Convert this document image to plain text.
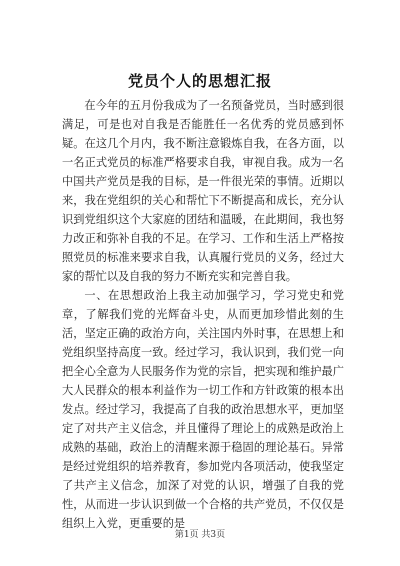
党员个人的思想汇报

在今年的五月份我成为了一名预备党员，当时感到很满足，可是也对自我是否能胜任一名优秀的党员感到怀疑。在这几个月内，我不断注意锻炼自我，在各方面，以一名正式党员的标准严格要求自我，审视自我。成为一名中国共产党员是我的目标，是一件很光荣的事情。近期以来，我在党组织的关心和帮忙下不断提高和成长，充分认识到党组织这个大家庭的团结和温暖，在此期间，我也努力改正和弥补自我的不足。在学习、工作和生活上严格按照党员的标准来要求自我，认真履行党员的义务，经过大家的帮忙以及自我的努力不断充实和完善自我。

一、在思想政治上我主动加强学习，学习党史和党章，了解我们党的光辉奋斗史，从而更加珍惜此刻的生活，坚定正确的政治方向，关注国内外时事，在思想上和党组织坚持高度一致。经过学习，我认识到，我们党一向把全心全意为人民服务作为党的宗旨，把实现和维护最广大人民群众的根本利益作为一切工作和方针政策的根本出发点。经过学习，我提高了自我的政治思想水平，更加坚定了对共产主义信念，并且懂得了理论上的成熟是政治上成熟的基础，政治上的清醒来源于稳固的理论基石。异常是经过党组织的培养教育，参加党内各项活动，使我坚定了共产主义信念，加深了对党的认识，增强了自我的党性，从而进一步认识到做一个合格的共产党员，不仅仅是组织上入党，更重要的是

第1页 共3页
